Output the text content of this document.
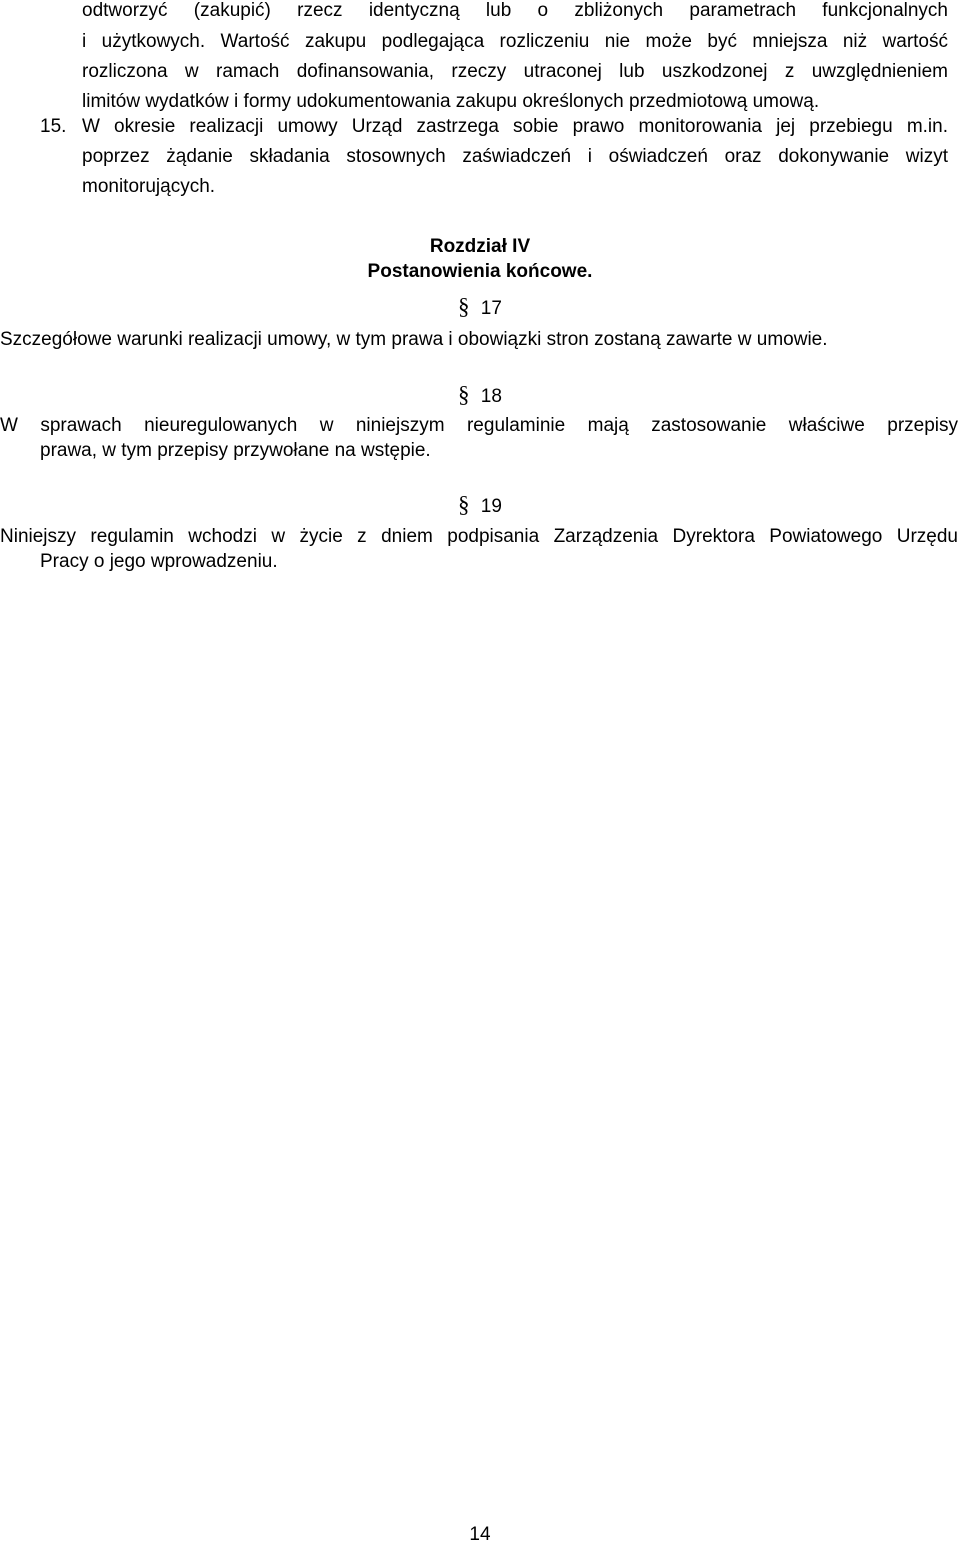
odtworzyć (zakupić) rzecz identyczną lub o zbliżonych parametrach funkcjonalnych
i użytkowych. Wartość zakupu podlegająca rozliczeniu nie może być mniejsza niż wartość
rozliczona w ramach dofinansowania, rzeczy utraconej lub uszkodzonej z uwzględnieniem
limitów wydatków i formy udokumentowania zakupu określonych przedmiotową umową.
15. W okresie realizacji umowy Urząd zastrzega sobie prawo monitorowania jej przebiegu m.in.
poprzez żądanie składania stosownych zaświadczeń i oświadczeń oraz dokonywanie wizyt
monitorujących.
Rozdział IV
Postanowienia końcowe.
§ 17
Szczegółowe warunki realizacji umowy, w tym prawa i obowiązki stron zostaną zawarte w umowie.
§ 18
W sprawach nieuregulowanych w niniejszym regulaminie mają zastosowanie właściwe przepisy
prawa, w tym przepisy przywołane na wstępie.
§ 19
Niniejszy regulamin wchodzi w życie z dniem podpisania Zarządzenia Dyrektora Powiatowego Urzędu
Pracy o jego wprowadzeniu.
14
